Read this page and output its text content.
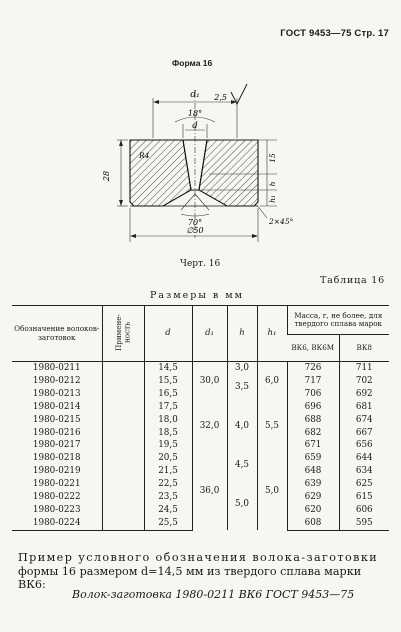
ГОСТ 9453—75 Стр. 17
Форма 16
d₁
18°
d
R4
28
15
h
h₁
2×45°
70°
∅50
2,5
Черт. 16
Таблица 16
Размеры в мм
Обозначение волоков-заготовок	Примене-ность	d	d₁	h	h₁	Масса, г, не более, для твердого сплава марок	
						ВК6, ВК6М	ВК8
1980-0211		14,5	30,0	3,0	6,0	726	711
1980-0212		15,5		3,5		717	702
1980-0213		16,5				706	692
1980-0214		17,5	32,0	4,0	5,5	696	681
1980-0215		18,0				688	674
1980-0216		18,5				682	667
1980-0217		19,5				671	656
1980-0218		20,5	36,0	4,5	5,0	659	644
1980-0219		21,5				648	634
1980-0221		22,5		5,0		639	625
1980-0222		23,5				629	615
1980-0223		24,5				620	606
1980-0224		25,5				608	595
Пример условного обозначения волока-заготовки
формы 16 размером d=14,5 мм из твердого сплава марки ВК6:
Волок-заготовка 1980-0211 ВК6 ГОСТ 9453—75
